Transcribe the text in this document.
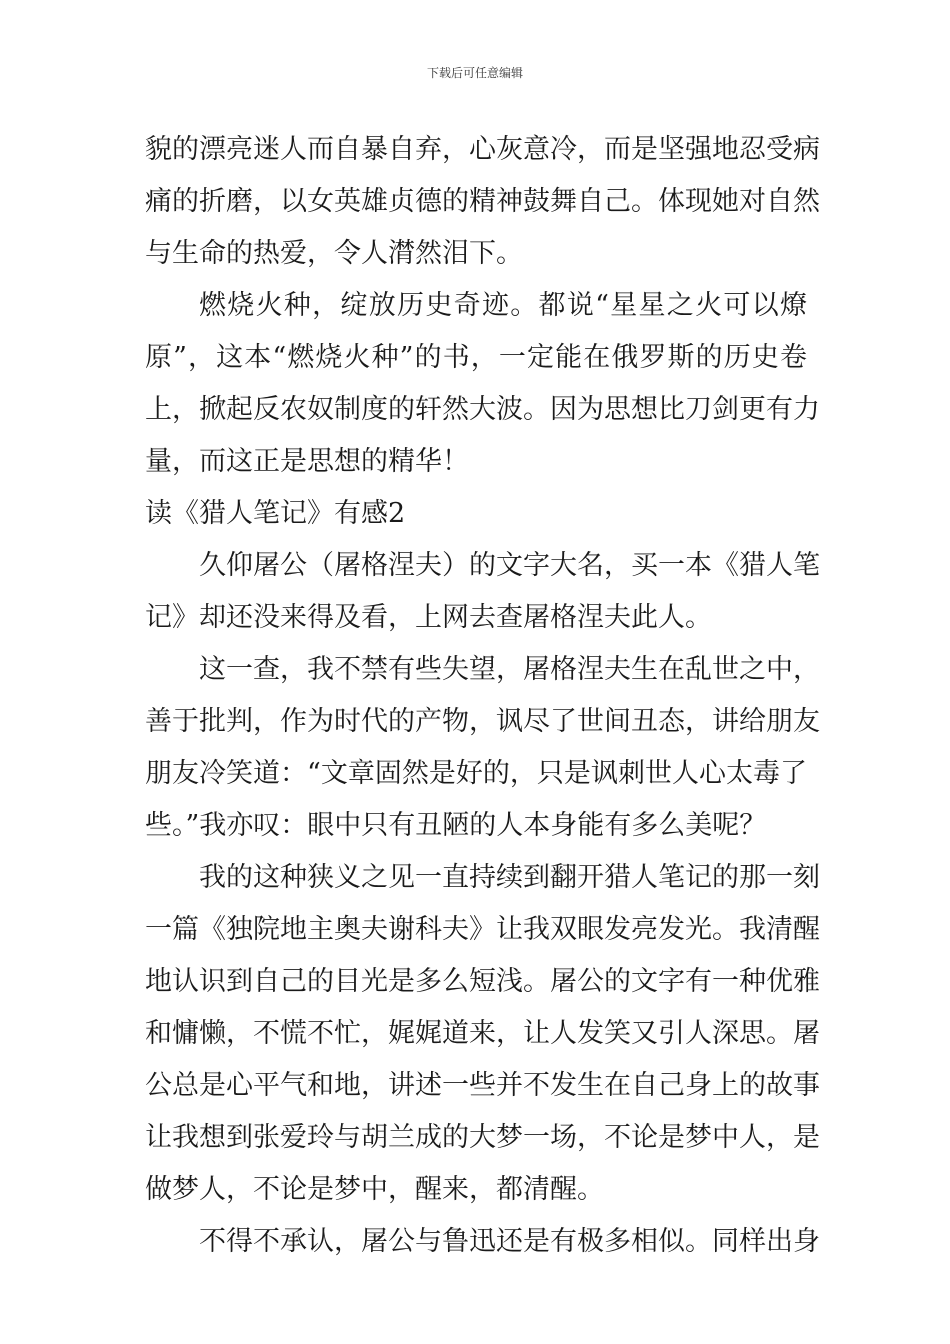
下载后可任意编辑
貌的漂亮迷人而自暴自弃，心灰意冷，而是坚强地忍受病
痛的折磨，以女英雄贞德的精神鼓舞自己。体现她对自然
与生命的热爱，令人潸然泪下。
燃烧火种，绽放历史奇迹。都说“星星之火可以燎
原”，这本“燃烧火种”的书，一定能在俄罗斯的历史卷
上，掀起反农奴制度的轩然大波。因为思想比刀剑更有力
量，而这正是思想的精华！
读《猎人笔记》有感2
久仰屠公（屠格涅夫）的文字大名，买一本《猎人笔
记》却还没来得及看，上网去查屠格涅夫此人。
这一查，我不禁有些失望，屠格涅夫生在乱世之中，
善于批判，作为时代的产物，讽尽了世间丑态，讲给朋友
朋友冷笑道：“文章固然是好的，只是讽刺世人心太毒了
些。”我亦叹：眼中只有丑陋的人本身能有多么美呢？
我的这种狭义之见一直持续到翻开猎人笔记的那一刻
一篇《独院地主奥夫谢科夫》让我双眼发亮发光。我清醒
地认识到自己的目光是多么短浅。屠公的文字有一种优雅
和慵懒，不慌不忙，娓娓道来，让人发笑又引人深思。屠
公总是心平气和地，讲述一些并不发生在自己身上的故事
让我想到张爱玲与胡兰成的大梦一场，不论是梦中人，是
做梦人，不论是梦中，醒来，都清醒。
不得不承认，屠公与鲁迅还是有极多相似。同样出身
